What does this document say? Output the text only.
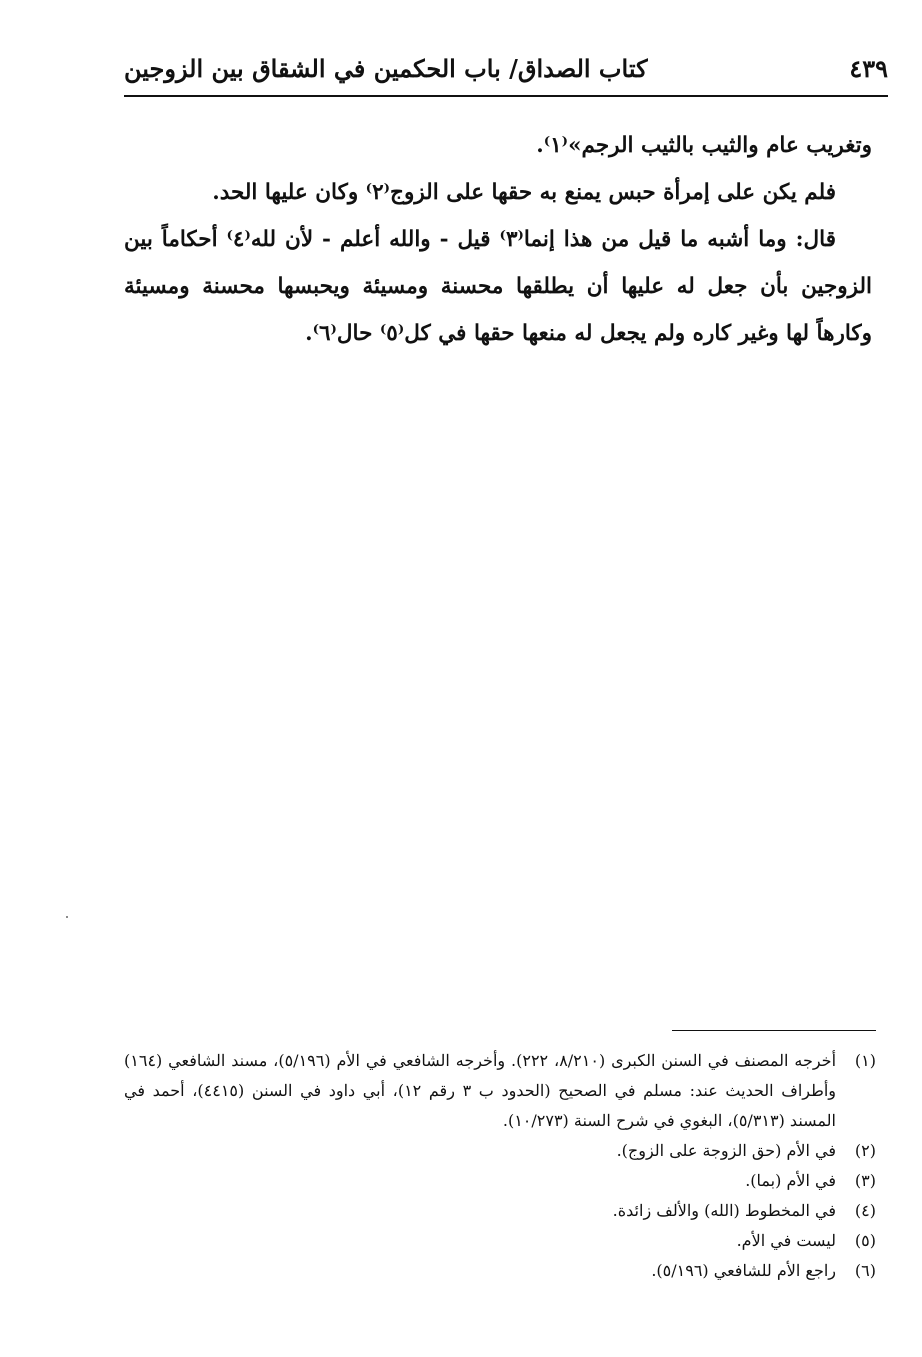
كتاب الصداق/ باب الحكمين في الشقاق بين الزوجين	٤٣٩

وتغريب عام والثيب بالثيب الرجم»⁽١⁾.

فلم يكن على إمرأة حبس يمنع به حقها على الزوج⁽٢⁾ وكان عليها الحد.

قال: وما أشبه ما قيل من هذا إنما⁽٣⁾ قيل - والله أعلم - لأن لله⁽٤⁾ أحكاماً بين الزوجين بأن جعل له عليها أن يطلقها محسنة ومسيئة ويحبسها محسنة ومسيئة وكارهاً لها وغير كاره ولم يجعل له منعها حقها في كل⁽٥⁾ حال⁽٦⁾.

(١)
أخرجه المصنف في السنن الكبرى (٨/٢١٠، ٢٢٢). وأخرجه الشافعي في الأم (٥/١٩٦)، مسند الشافعي (١٦٤) وأطراف الحديث عند: مسلم في الصحيح (الحدود ب ٣ رقم ١٢)، أبي داود في السنن (٤٤١٥)، أحمد في المسند (٥/٣١٣)، البغوي في شرح السنة (١٠/٢٧٣).
(٢)
في الأم (حق الزوجة على الزوج).
(٣)
في الأم (بما).
(٤)
في المخطوط (الله) والألف زائدة.
(٥)
ليست في الأم.
(٦)
راجع الأم للشافعي (٥/١٩٦).
